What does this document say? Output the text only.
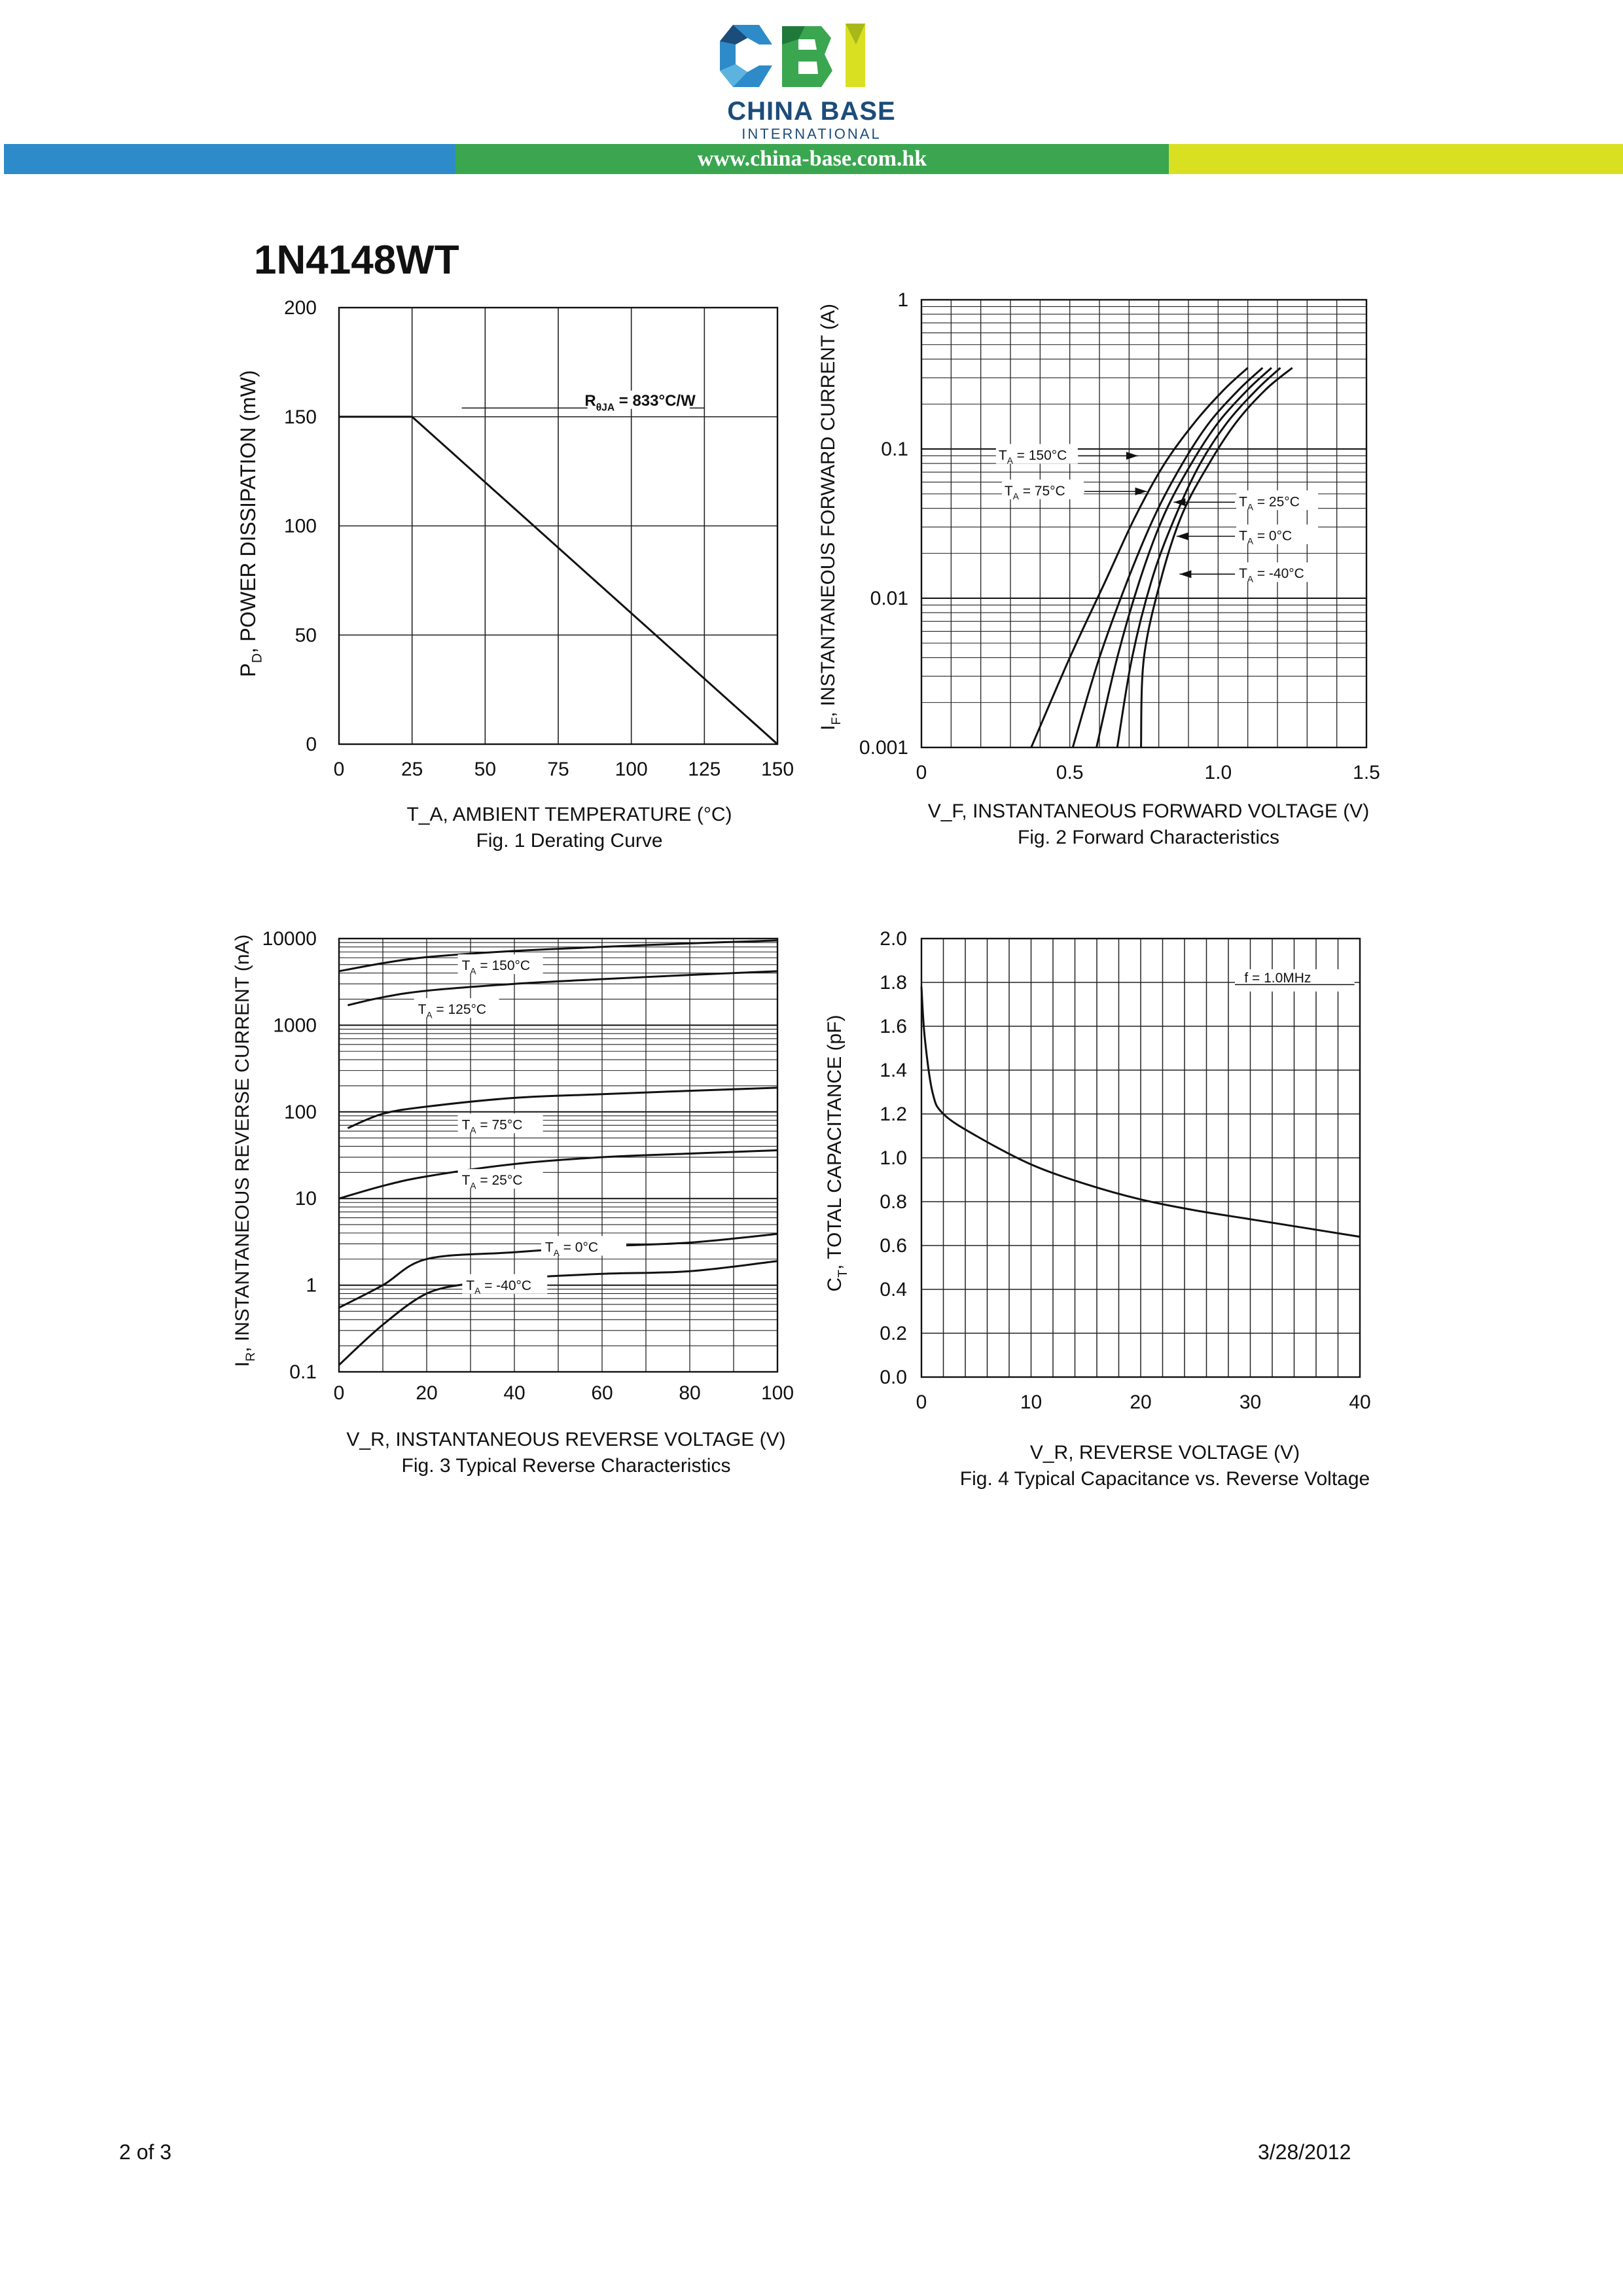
CHINA BASE
INTERNATIONAL
www.china-base.com.hk
1N4148WT
0	25	50	75 100 125 150
0
50
100
150
200
$R_{\theta JA} = 833^\circ C/W$
$P_D$, POWER DISSIPATION (mW)
T_A, AMBIENT TEMPERATURE (°C)
Fig. 1 Derating Curve
0.001
0.01
0.1
1
0	0.5	1.0	1.5
$T_A = 150^\circ C$
$T_A = 75^\circ C$
$T_A = 25^\circ C$
$T_A = 0^\circ C$
$T_A = -40^\circ C$
$I_F$, INSTANTANEOUS FORWARD CURRENT (A)
V_F, INSTANTANEOUS FORWARD VOLTAGE (V)
Fig. 2 Forward Characteristics
0.1
1
10
100
1000
10000
0	20	40	60	80	100
$T_A = 150^\circ C$
$T_A = 125^\circ C$
$T_A = 75^\circ C$
$T_A = 25^\circ C$
$T_A = 0^\circ C$
$T_A = -40^\circ C$
$I_R$, INSTANTANEOUS REVERSE CURRENT (nA)
V_R, INSTANTANEOUS REVERSE VOLTAGE (V)
Fig. 3 Typical Reverse Characteristics
0.0
0.2
0.4
0.6
0.8
1.0
1.2
1.4
1.6
1.8
2.0
0	10	20	30	40
f = 1.0MHz
$C_T$, TOTAL CAPACITANCE (pF)
V_R, REVERSE VOLTAGE (V)
Fig. 4 Typical Capacitance vs. Reverse Voltage
2 of 3	3/28/2012
